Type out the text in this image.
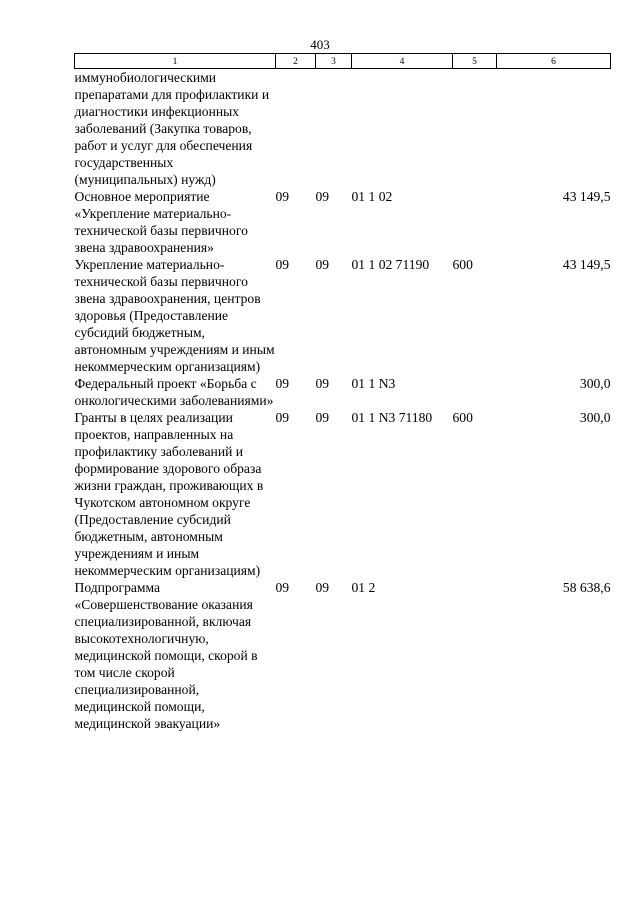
403
1	2	3	4	5	6
иммунобиологическими препаратами для профилактики и диагностики инфекционных заболеваний (Закупка товаров, работ и услуг для обеспечения государственных (муниципальных) нужд)					
Основное мероприятие «Укрепление материально-технической базы первичного звена здравоохранения»	09	09	01 1 02		43 149,5
Укрепление материально-технической базы первичного звена здравоохранения, центров здоровья (Предоставление субсидий бюджетным, автономным учреждениям и иным некоммерческим организациям)	09	09	01 1 02 71190	600	43 149,5
Федеральный проект «Борьба с онкологическими заболеваниями»	09	09	01 1 N3		300,0
Гранты в целях реализации проектов, направленных на профилактику заболеваний и формирование здорового образа жизни граждан, проживающих в Чукотском автономном округе (Предоставление субсидий бюджетным, автономным учреждениям и иным некоммерческим организациям)	09	09	01 1 N3 71180	600	300,0
Подпрограмма «Совершенствование оказания специализированной, включая высокотехнологичную, медицинской помощи, скорой в том числе скорой специализированной, медицинской помощи, медицинской эвакуации»	09	09	01 2		58 638,6
